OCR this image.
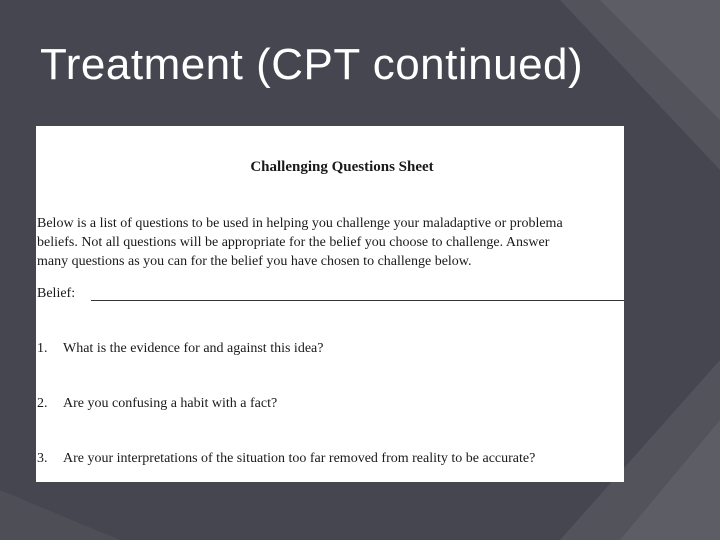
Treatment (CPT continued)
Challenging Questions Sheet
Below is a list of questions to be used in helping you challenge your maladaptive or problema
beliefs. Not all questions will be appropriate for the belief you choose to challenge. Answer
many questions as you can for the belief you have chosen to challenge below.
Belief:
1. What is the evidence for and against this idea?
2. Are you confusing a habit with a fact?
3. Are your interpretations of the situation too far removed from reality to be accurate?
